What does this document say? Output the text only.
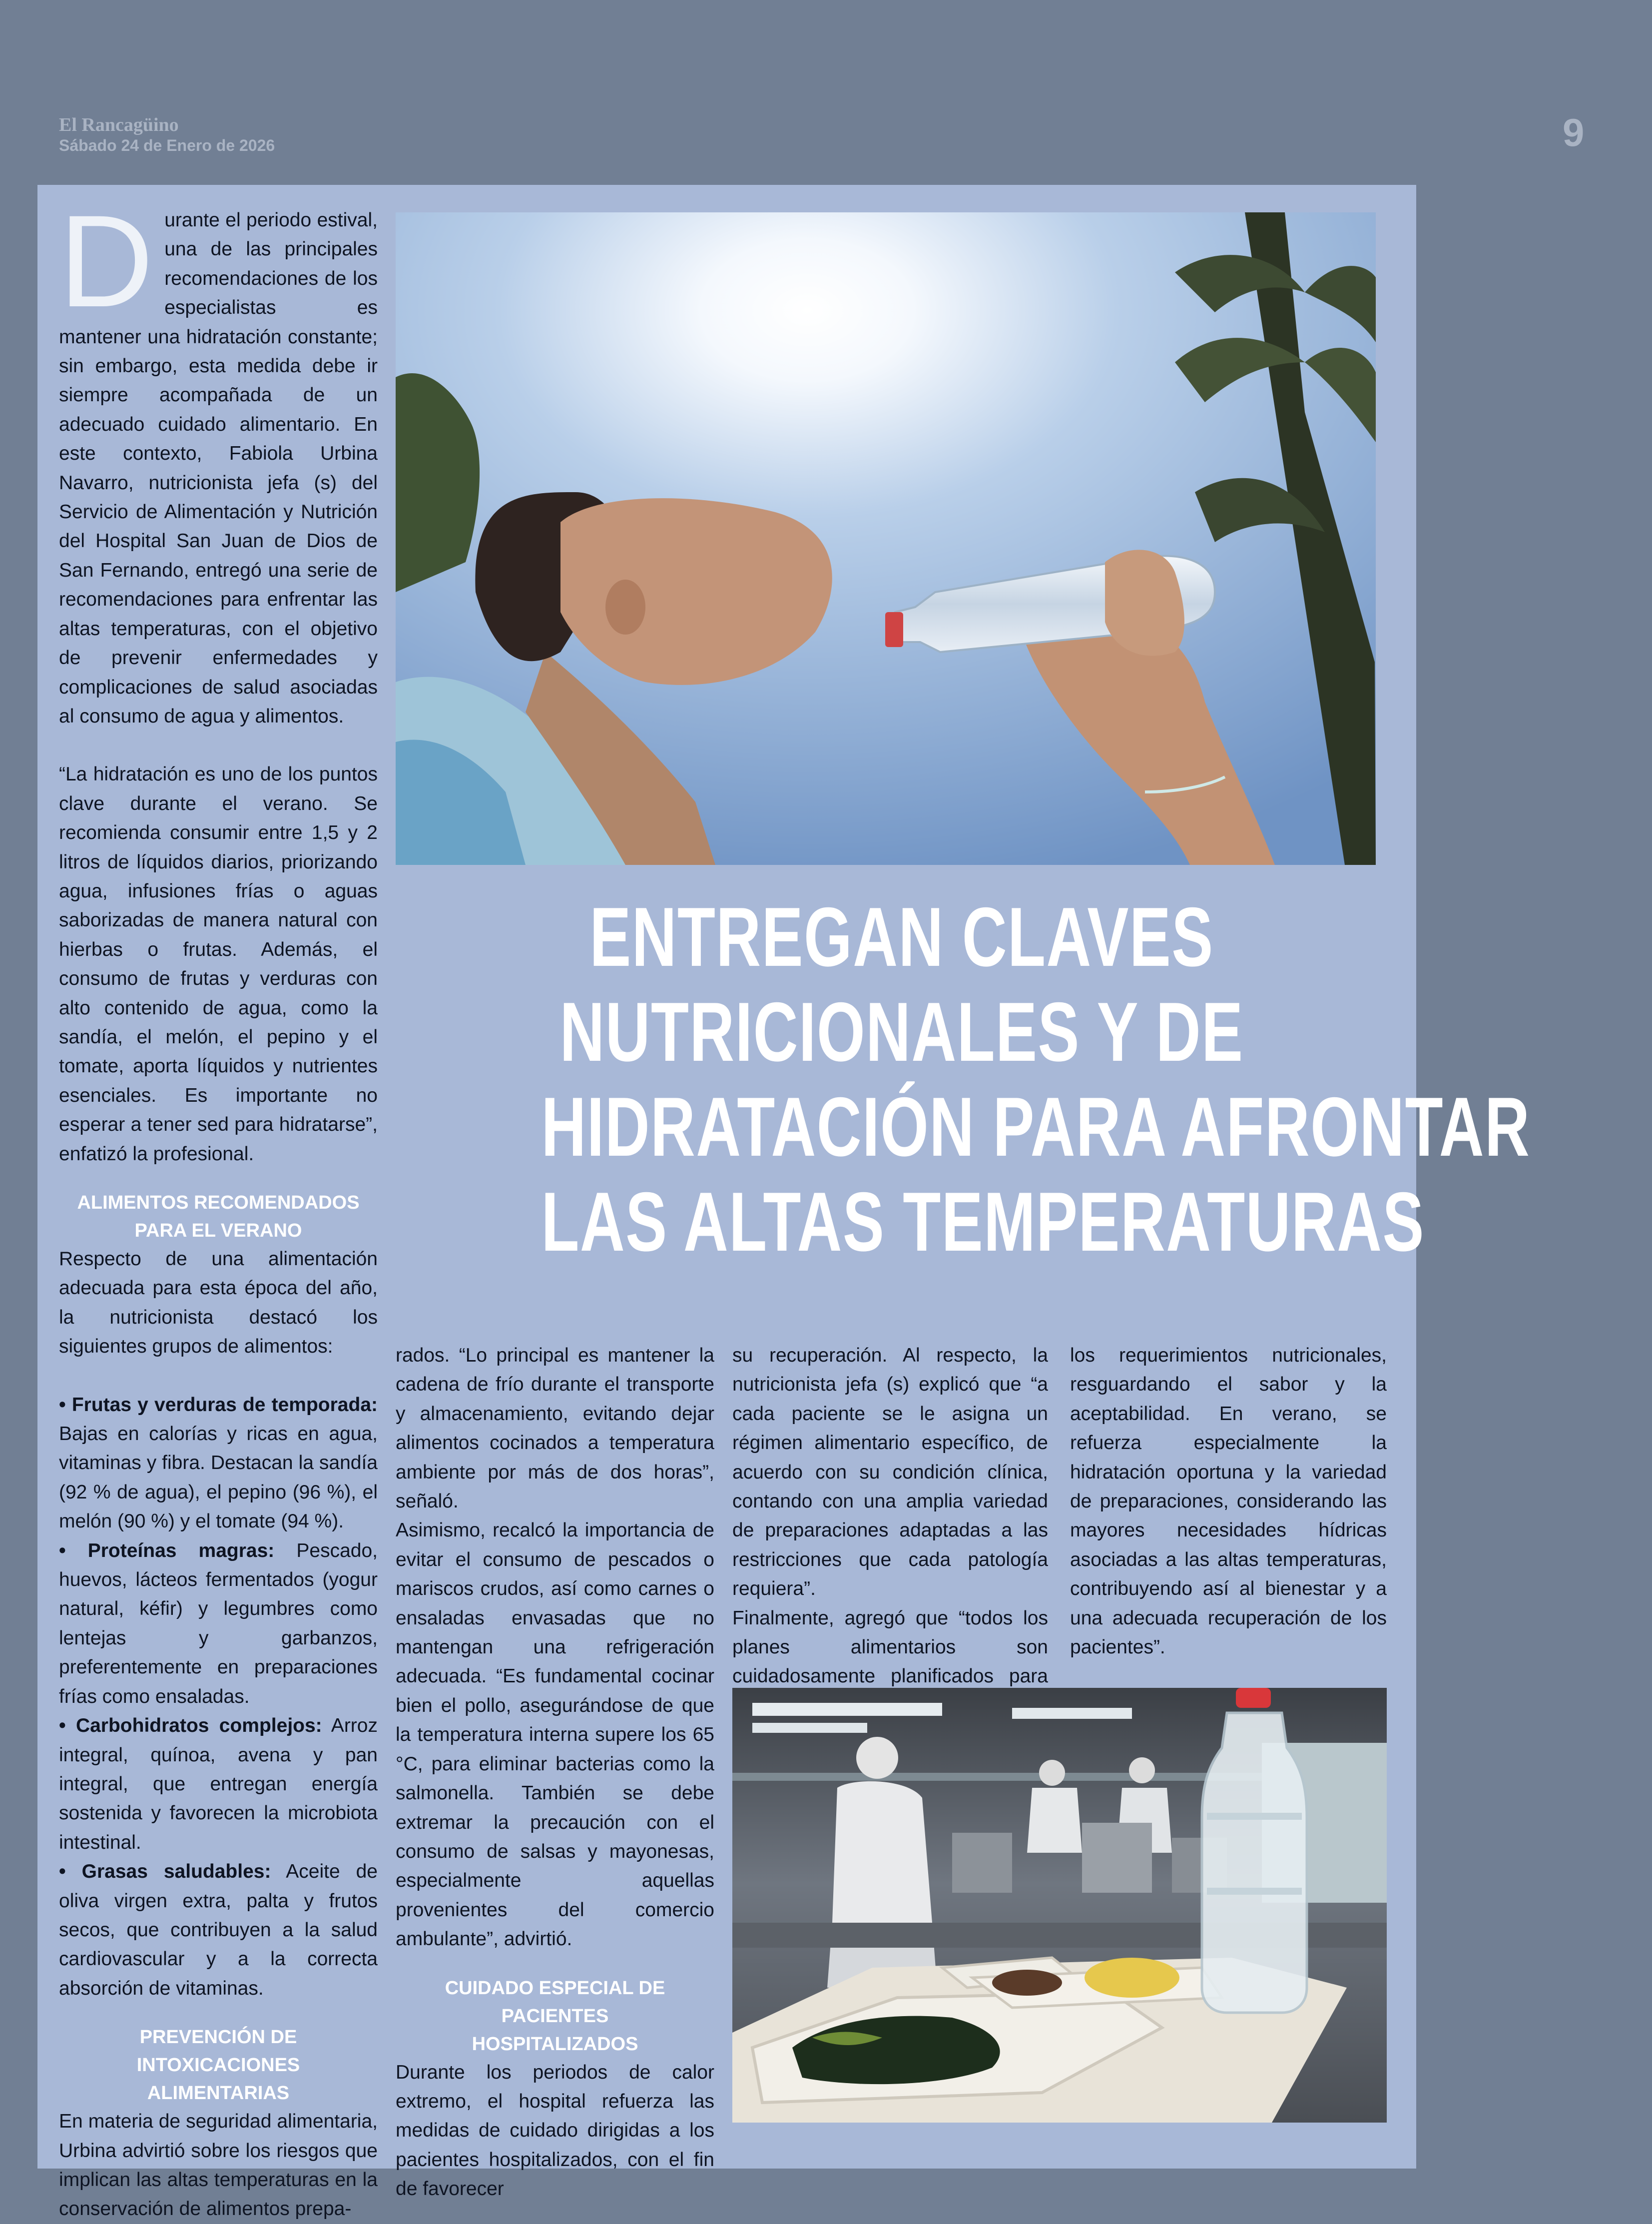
El Rancagüino
Sábado 24 de Enero de 2026	9
ENTREGAN CLAVES
NUTRICIONALES Y DE
HIDRATACIÓN PARA AFRONTAR
LAS ALTAS TEMPERATURAS

Durante el periodo estival, una de las principales recomendaciones de los especialistas es mantener una hidratación constante; sin embargo, esta medida debe ir siempre acompañada de un adecuado cuidado alimentario. En este contexto, Fabiola Urbina Navarro, nutricionista jefa (s) del Servicio de Alimentación y Nutrición del Hospital San Juan de Dios de San Fernando, entregó una serie de recomendaciones para enfrentar las altas temperaturas, con el objetivo de prevenir enfermedades y complicaciones de salud asociadas al consumo de agua y alimentos.

“La hidratación es uno de los puntos clave durante el verano. Se recomienda consumir entre 1,5 y 2 litros de líquidos diarios, priorizando agua, infusiones frías o aguas saborizadas de manera natural con hierbas o frutas. Además, el consumo de frutas y verduras con alto contenido de agua, como la sandía, el melón, el pepino y el tomate, aporta líquidos y nutrientes esenciales. Es importante no esperar a tener sed para hidratarse”, enfatizó la profesional.

ALIMENTOS RECOMENDADOS
PARA EL VERANO

Respecto de una alimentación adecuada para esta época del año, la nutricionista destacó los siguientes grupos de alimentos:

• Frutas y verduras de temporada: Bajas en calorías y ricas en agua, vitaminas y fibra. Destacan la sandía (92 % de agua), el pepino (96 %), el melón (90 %) y el tomate (94 %).

• Proteínas magras: Pescado, huevos, lácteos fermentados (yogur natural, kéfir) y legumbres como lentejas y garbanzos, preferentemente en preparaciones frías como ensaladas.

• Carbohidratos complejos: Arroz integral, quínoa, avena y pan integral, que entregan energía sostenida y favorecen la microbiota intestinal.

• Grasas saludables: Aceite de oliva virgen extra, palta y frutos secos, que contribuyen a la salud cardiovascular y a la correcta absorción de vitaminas.

PREVENCIÓN DE INTOXICACIONES
ALIMENTARIAS

En materia de seguridad alimentaria, Urbina advirtió sobre los riesgos que implican las altas temperaturas en la conservación de alimentos prepa-

rados. “Lo principal es mantener la cadena de frío durante el transporte y almacenamiento, evitando dejar alimentos cocinados a temperatura ambiente por más de dos horas”, señaló.

Asimismo, recalcó la importancia de evitar el consumo de pescados o mariscos crudos, así como carnes o ensaladas envasadas que no mantengan una refrigeración adecuada. “Es fundamental cocinar bien el pollo, asegurándose de que la temperatura interna supere los 65 °C, para eliminar bacterias como la salmonella. También se debe extremar la precaución con el consumo de salsas y mayonesas, especialmente aquellas provenientes del comercio ambulante”, advirtió.

CUIDADO ESPECIAL DE PACIENTES
HOSPITALIZADOS

Durante los periodos de calor extremo, el hospital refuerza las medidas de cuidado dirigidas a los pacientes hospitalizados, con el fin de favorecer

su recuperación. Al respecto, la nutricionista jefa (s) explicó que “a cada paciente se le asigna un régimen alimentario específico, de acuerdo con su condición clínica, contando con una amplia variedad de preparaciones adaptadas a las restricciones que cada patología requiera”.

Finalmente, agregó que “todos los planes alimentarios son cuidadosamente planificados para

los requerimientos nutricionales, resguardando el sabor y la aceptabilidad. En verano, se refuerza especialmente la hidratación oportuna y la variedad de preparaciones, considerando las mayores necesidades hídricas asociadas a las altas temperaturas, contribuyendo así al bienestar y a una adecuada recuperación de los pacientes”.
